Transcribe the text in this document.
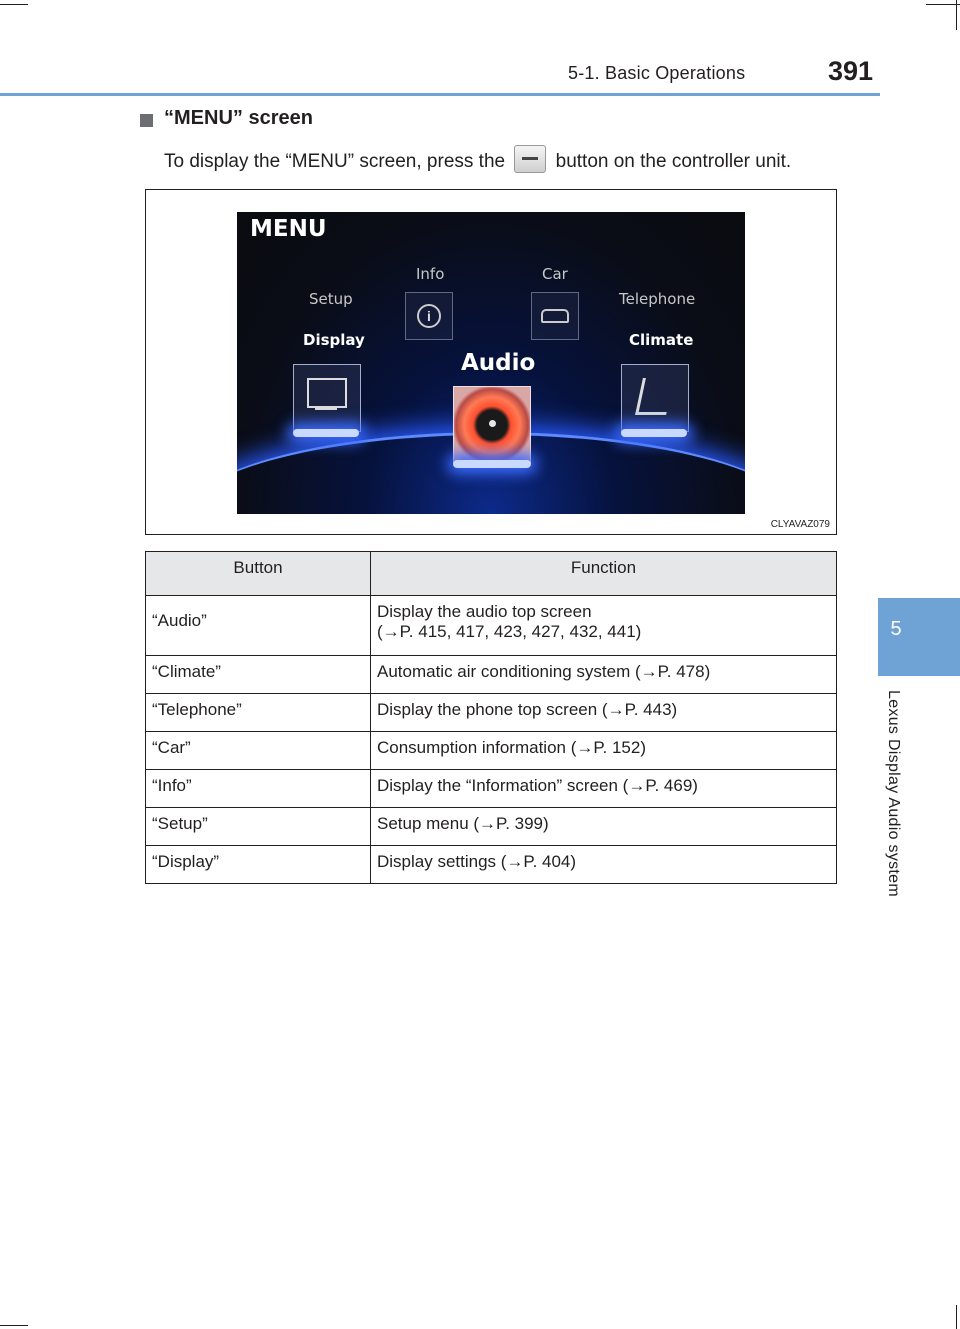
5-1. Basic Operations	391
5
Lexus Display Audio system
“MENU” screen
To display the “MENU” screen, press the	button on the controller unit.
MENU
Info
i
Car
Setup	Telephone
Display	Climate
Audio
CLYAVAZ079
Button	Function
“Audio”	Display the audio top screen
(→P. 415, 417, 423, 427, 432, 441)

“Climate”	Automatic air conditioning system (→P. 478)
“Telephone”	Display the phone top screen (→P. 443)
“Car”	Consumption information (→P. 152)
“Info”	Display the “Information” screen (→P. 469)
“Setup”	Setup menu (→P. 399)
“Display”	Display settings (→P. 404)
